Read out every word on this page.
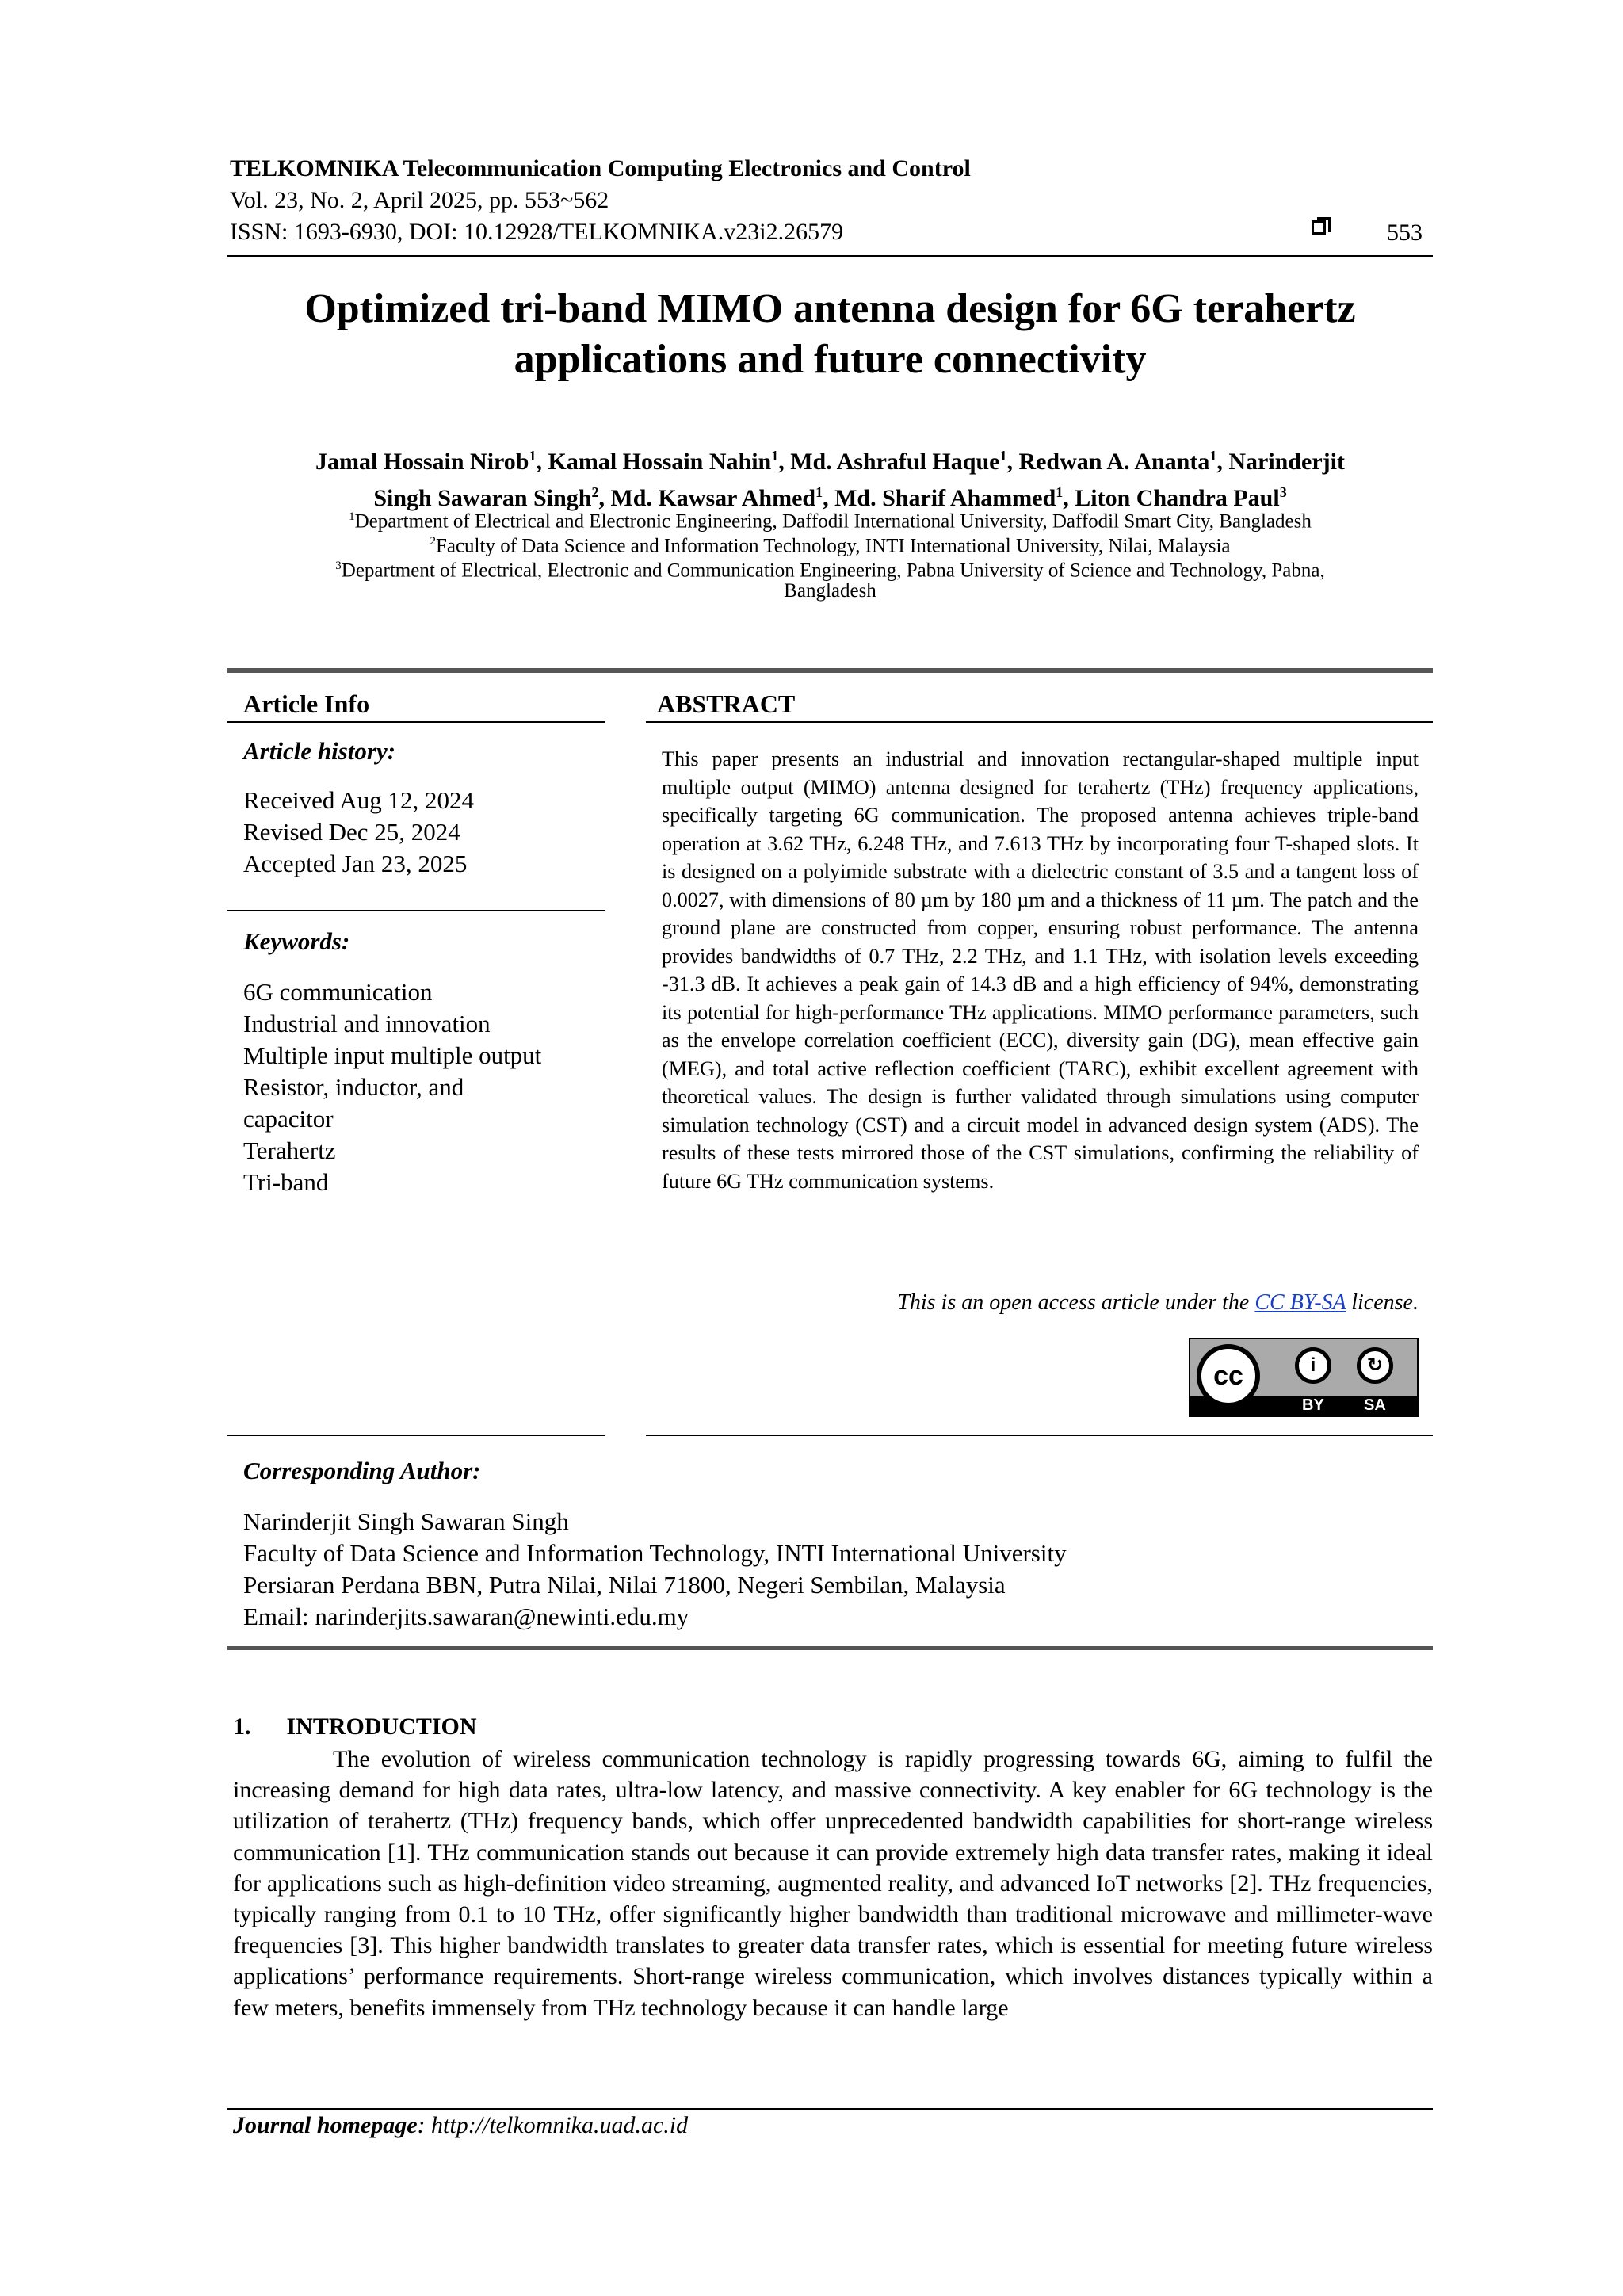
TELKOMNIKA Telecommunication Computing Electronics and Control
Vol. 23, No. 2, April 2025, pp. 553~562
ISSN: 1693-6930, DOI: 10.12928/TELKOMNIKA.v23i2.26579	553
Optimized tri-band MIMO antenna design for 6G terahertz
applications and future connectivity
Jamal Hossain Nirob$^1$, Kamal Hossain Nahin$^1$, Md. Ashraful Haque$^1$, Redwan A. Ananta$^1$, Narinderjit
Singh Sawaran Singh$^2$, Md. Kawsar Ahmed$^1$, Md. Sharif Ahammed$^1$, Liton Chandra Paul$^3$
$^1$Department of Electrical and Electronic Engineering, Daffodil International University, Daffodil Smart City, Bangladesh
$^2$Faculty of Data Science and Information Technology, INTI International University, Nilai, Malaysia
$^3$Department of Electrical, Electronic and Communication Engineering, Pabna University of Science and Technology, Pabna,
Bangladesh
Article Info
Article history:
Received Aug 12, 2024
Revised Dec 25, 2024
Accepted Jan 23, 2025
Keywords:
6G communication
Industrial and innovation
Multiple input multiple output
Resistor, inductor, and
capacitor
Terahertz
Tri-band
ABSTRACT
This paper presents an industrial and innovation rectangular-shaped multiple input multiple output (MIMO) antenna designed for terahertz (THz) frequency applications, specifically targeting 6G communication. The proposed antenna achieves triple-band operation at 3.62 THz, 6.248 THz, and 7.613 THz by incorporating four T-shaped slots. It is designed on a polyimide substrate with a dielectric constant of 3.5 and a tangent loss of 0.0027, with dimensions of 80 µm by 180 µm and a thickness of 11 µm. The patch and the ground plane are constructed from copper, ensuring robust performance. The antenna provides bandwidths of 0.7 THz, 2.2 THz, and 1.1 THz, with isolation levels exceeding -31.3 dB. It achieves a peak gain of 14.3 dB and a high efficiency of 94%, demonstrating its potential for high-performance THz applications. MIMO performance parameters, such as the envelope correlation coefficient (ECC), diversity gain (DG), mean effective gain (MEG), and total active reflection coefficient (TARC), exhibit excellent agreement with theoretical values. The design is further validated through simulations using computer simulation technology (CST) and a circuit model in advanced design system (ADS). The results of these tests mirrored those of the CST simulations, confirming the reliability of future 6G THz communication systems.
This is an open access article under the CC BY-SA license.
cc	i	↻
BY	SA
Corresponding Author:
Narinderjit Singh Sawaran Singh
Faculty of Data Science and Information Technology, INTI International University
Persiaran Perdana BBN, Putra Nilai, Nilai 71800, Negeri Sembilan, Malaysia
Email: narinderjits.sawaran@newinti.edu.my
1.      INTRODUCTION
The evolution of wireless communication technology is rapidly progressing towards 6G, aiming to fulfil the increasing demand for high data rates, ultra-low latency, and massive connectivity. A key enabler for 6G technology is the utilization of terahertz (THz) frequency bands, which offer unprecedented bandwidth capabilities for short-range wireless communication [1]. THz communication stands out because it can provide extremely high data transfer rates, making it ideal for applications such as high-definition video streaming, augmented reality, and advanced IoT networks [2]. THz frequencies, typically ranging from 0.1 to 10 THz, offer significantly higher bandwidth than traditional microwave and millimeter-wave frequencies [3]. This higher bandwidth translates to greater data transfer rates, which is essential for meeting future wireless applications’ performance requirements. Short-range wireless communication, which involves distances typically within a few meters, benefits immensely from THz technology because it can handle large
Journal homepage: http://telkomnika.uad.ac.id
